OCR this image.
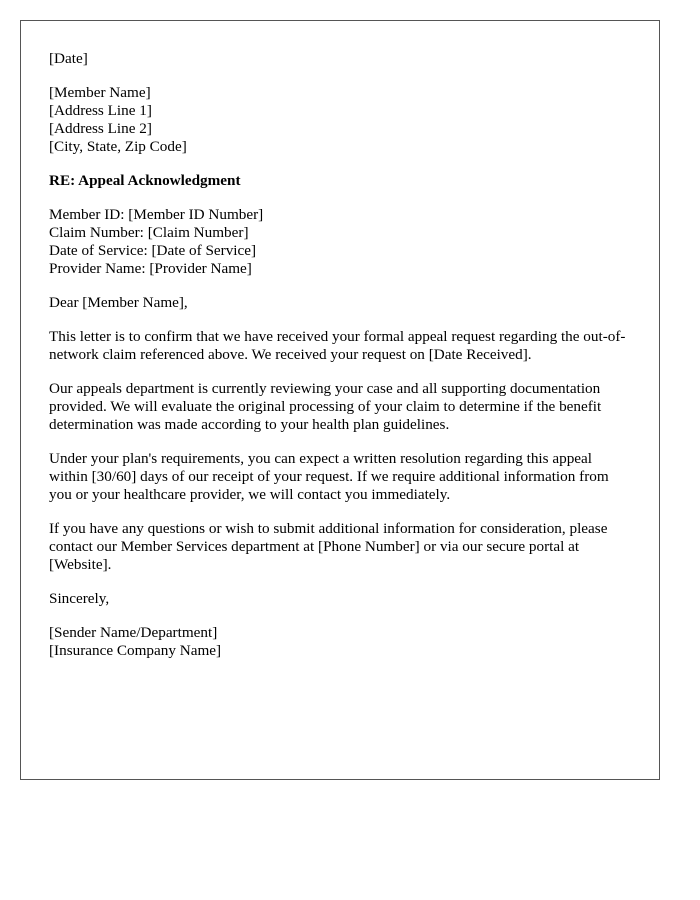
[Date]
[Member Name]
[Address Line 1]
[Address Line 2]
[City, State, Zip Code]
RE: Appeal Acknowledgment
Member ID: [Member ID Number]
Claim Number: [Claim Number]
Date of Service: [Date of Service]
Provider Name: [Provider Name]
Dear [Member Name],

This letter is to confirm that we have received your formal appeal request regarding the out-of-network claim referenced above. We received your request on [Date Received].

Our appeals department is currently reviewing your case and all supporting documentation provided. We will evaluate the original processing of your claim to determine if the benefit determination was made according to your health plan guidelines.

Under your plan's requirements, you can expect a written resolution regarding this appeal within [30/60] days of our receipt of your request. If we require additional information from you or your healthcare provider, we will contact you immediately.

If you have any questions or wish to submit additional information for consideration, please contact our Member Services department at [Phone Number] or via our secure portal at [Website].

Sincerely,
[Sender Name/Department]
[Insurance Company Name]
